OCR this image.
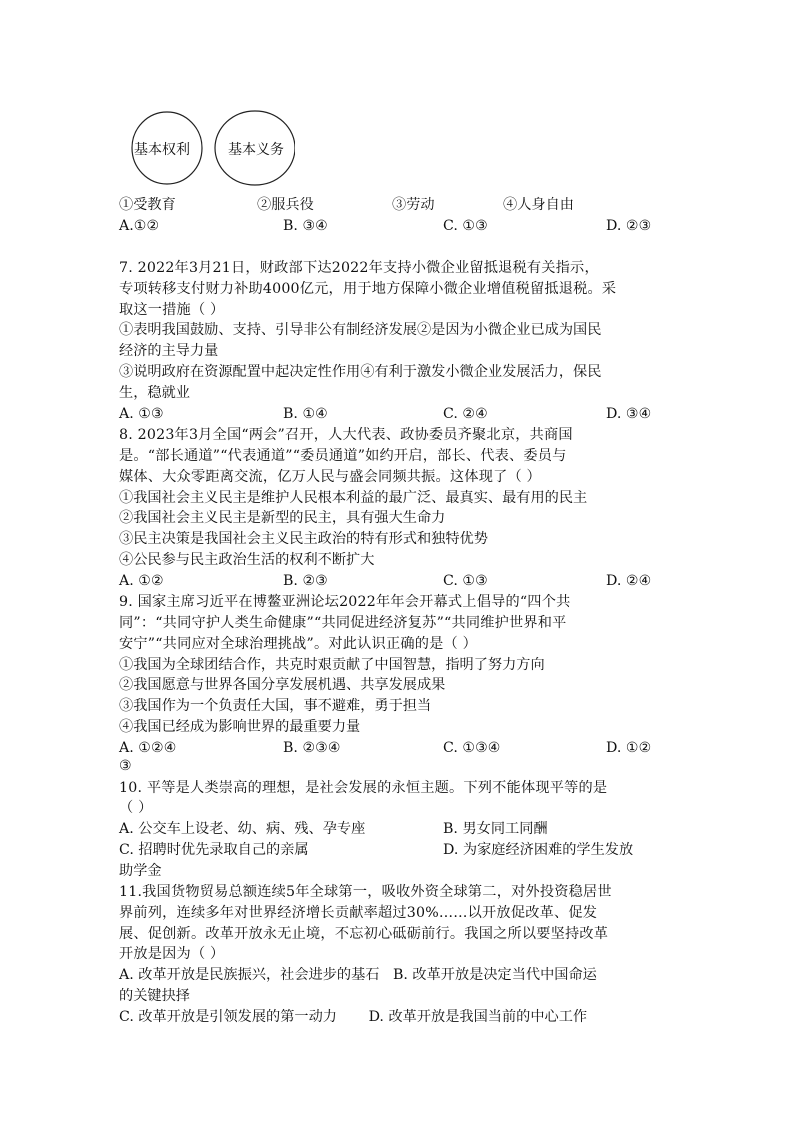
基本权利	基本义务
①受教育	②服兵役	③劳动	④人身自由
A.①②	B. ③④	C. ①③	D. ②③
7. 2022年3月21日，财政部下达2022年支持小微企业留抵退税有关指示，
专项转移支付财力补助4000亿元，用于地方保障小微企业增值税留抵退税。采
取这一措施（ ）
①表明我国鼓励、支持、引导非公有制经济发展②是因为小微企业已成为国民
经济的主导力量
③说明政府在资源配置中起决定性作用④有利于激发小微企业发展活力，保民
生，稳就业
A. ①③	B. ①④	C. ②④	D. ③④
8. 2023年3月全国“两会”召开，人大代表、政协委员齐聚北京，共商国
是。“部长通道”“代表通道”“委员通道”如约开启，部长、代表、委员与
媒体、大众零距离交流，亿万人民与盛会同频共振。这体现了（ ）
①我国社会主义民主是维护人民根本利益的最广泛、最真实、最有用的民主
②我国社会主义民主是新型的民主，具有强大生命力
③民主决策是我国社会主义民主政治的特有形式和独特优势
④公民参与民主政治生活的权利不断扩大
A. ①②	B. ②③	C. ①③	D. ②④
9. 国家主席习近平在博鳌亚洲论坛2022年年会开幕式上倡导的“四个共
同”：“共同守护人类生命健康”“共同促进经济复苏”“共同维护世界和平
安宁”“共同应对全球治理挑战”。对此认识正确的是（ ）
①我国为全球团结合作，共克时艰贡献了中国智慧，指明了努力方向
②我国愿意与世界各国分享发展机遇、共享发展成果
③我国作为一个负责任大国，事不避难，勇于担当
④我国已经成为影响世界的最重要力量
A. ①②④	B. ②③④	C. ①③④	D. ①②
③
10. 平等是人类崇高的理想，是社会发展的永恒主题。下列不能体现平等的是
（ ）
A. 公交车上设老、幼、病、残、孕专座	B. 男女同工同酬
C. 招聘时优先录取自己的亲属	D. 为家庭经济困难的学生发放
助学金
11.我国货物贸易总额连续5年全球第一，吸收外资全球第二，对外投资稳居世
界前列，连续多年对世界经济增长贡献率超过30%……以开放促改革、促发
展、促创新。改革开放永无止境，不忘初心砥砺前行。我国之所以要坚持改革
开放是因为（ ）
A. 改革开放是民族振兴，社会进步的基石   B. 改革开放是决定当代中国命运
的关键抉择
C. 改革开放是引领发展的第一动力       D. 改革开放是我国当前的中心工作
